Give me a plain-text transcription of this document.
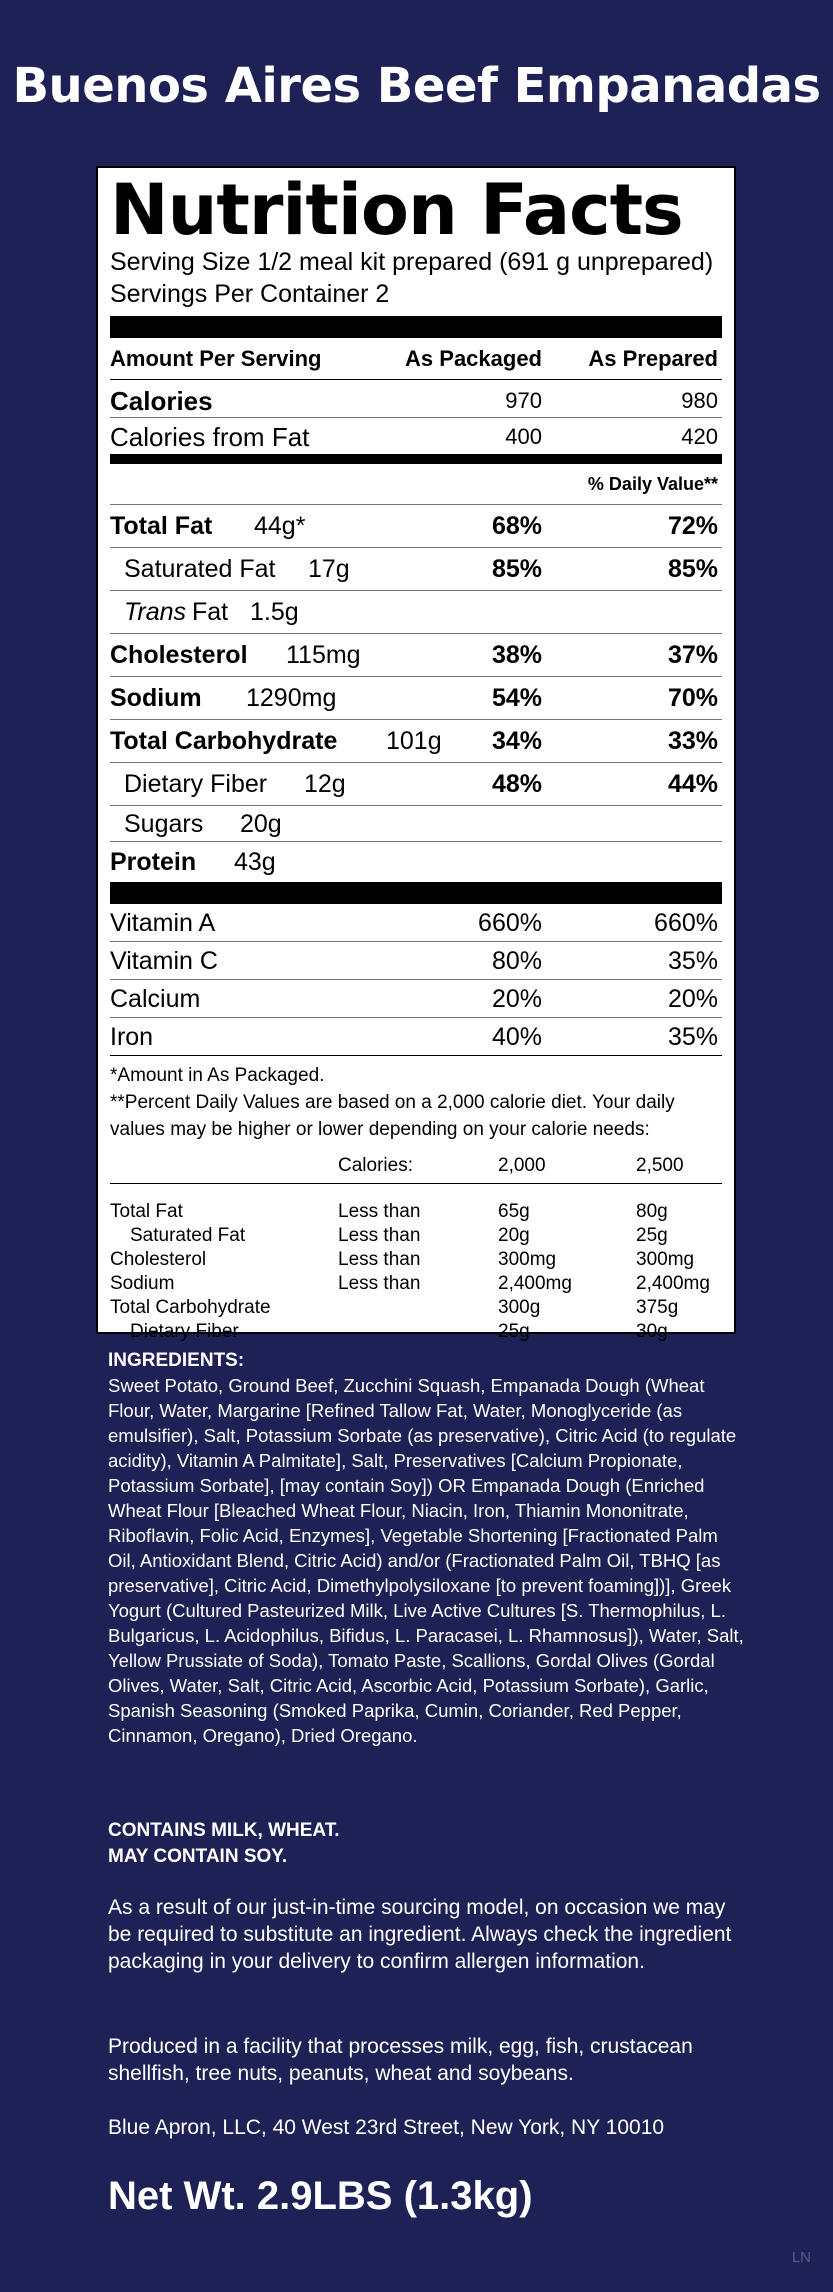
Buenos Aires Beef Empanadas
Nutrition Facts
Serving Size 1/2 meal kit prepared (691 g unprepared)
Servings Per Container 2
Amount Per Serving	As Packaged As Prepared
Calories	970	980
Calories from Fat	400	420
% Daily Value**
Total Fat 44g*	68%	72%
Saturated Fat 17g	85%	85%
Trans Fat 1.5g
Cholesterol 115mg	38%	37%
Sodium 1290mg	54%	70%
Total Carbohydrate 101g 34%	33%
Dietary Fiber 12g	48%	44%
Sugars 20g
Protein 43g
Vitamin A	660%	660%
Vitamin C	80%	35%
Calcium	20%	20%
Iron	40%	35%
*Amount in As Packaged.
**Percent Daily Values are based on a 2,000 calorie diet. Your daily values may be higher or lower depending on your calorie needs:
Calories:	2,000	2,500
Total Fat	Less than	65g	80g
Saturated Fat	Less than	20g	25g
Cholesterol	Less than	300mg	300mg
Sodium	Less than	2,400mg	2,400mg
Total Carbohydrate	300g	375g
Dietary Fiber	25g	30g
INGREDIENTS:
Sweet Potato, Ground Beef, Zucchini Squash, Empanada Dough (Wheat Flour, Water, Margarine [Refined Tallow Fat, Water, Monoglyceride (as emulsifier), Salt, Potassium Sorbate (as preservative), Citric Acid (to regulate acidity), Vitamin A Palmitate], Salt, Preservatives [Calcium Propionate, Potassium Sorbate], [may contain Soy]) OR Empanada Dough (Enriched Wheat Flour [Bleached Wheat Flour, Niacin, Iron, Thiamin Mononitrate, Riboflavin, Folic Acid, Enzymes], Vegetable Shortening [Fractionated Palm Oil, Antioxidant Blend, Citric Acid) and/or (Fractionated Palm Oil, TBHQ [as preservative], Citric Acid, Dimethylpolysiloxane [to prevent foaming])], Greek Yogurt (Cultured Pasteurized Milk, Live Active Cultures [S. Thermophilus, L. Bulgaricus, L. Acidophilus, Bifidus, L. Paracasei, L. Rhamnosus]), Water, Salt, Yellow Prussiate of Soda), Tomato Paste, Scallions, Gordal Olives (Gordal Olives, Water, Salt, Citric Acid, Ascorbic Acid, Potassium Sorbate), Garlic, Spanish Seasoning (Smoked Paprika, Cumin, Coriander, Red Pepper, Cinnamon, Oregano), Dried Oregano.
CONTAINS MILK, WHEAT.
MAY CONTAIN SOY.
As a result of our just-in-time sourcing model, on occasion we may be required to substitute an ingredient. Always check the ingredient packaging in your delivery to confirm allergen information.
Produced in a facility that processes milk, egg, fish, crustacean shellfish, tree nuts, peanuts, wheat and soybeans.
Blue Apron, LLC, 40 West 23rd Street, New York, NY 10010
Net Wt. 2.9LBS (1.3kg)
LN
